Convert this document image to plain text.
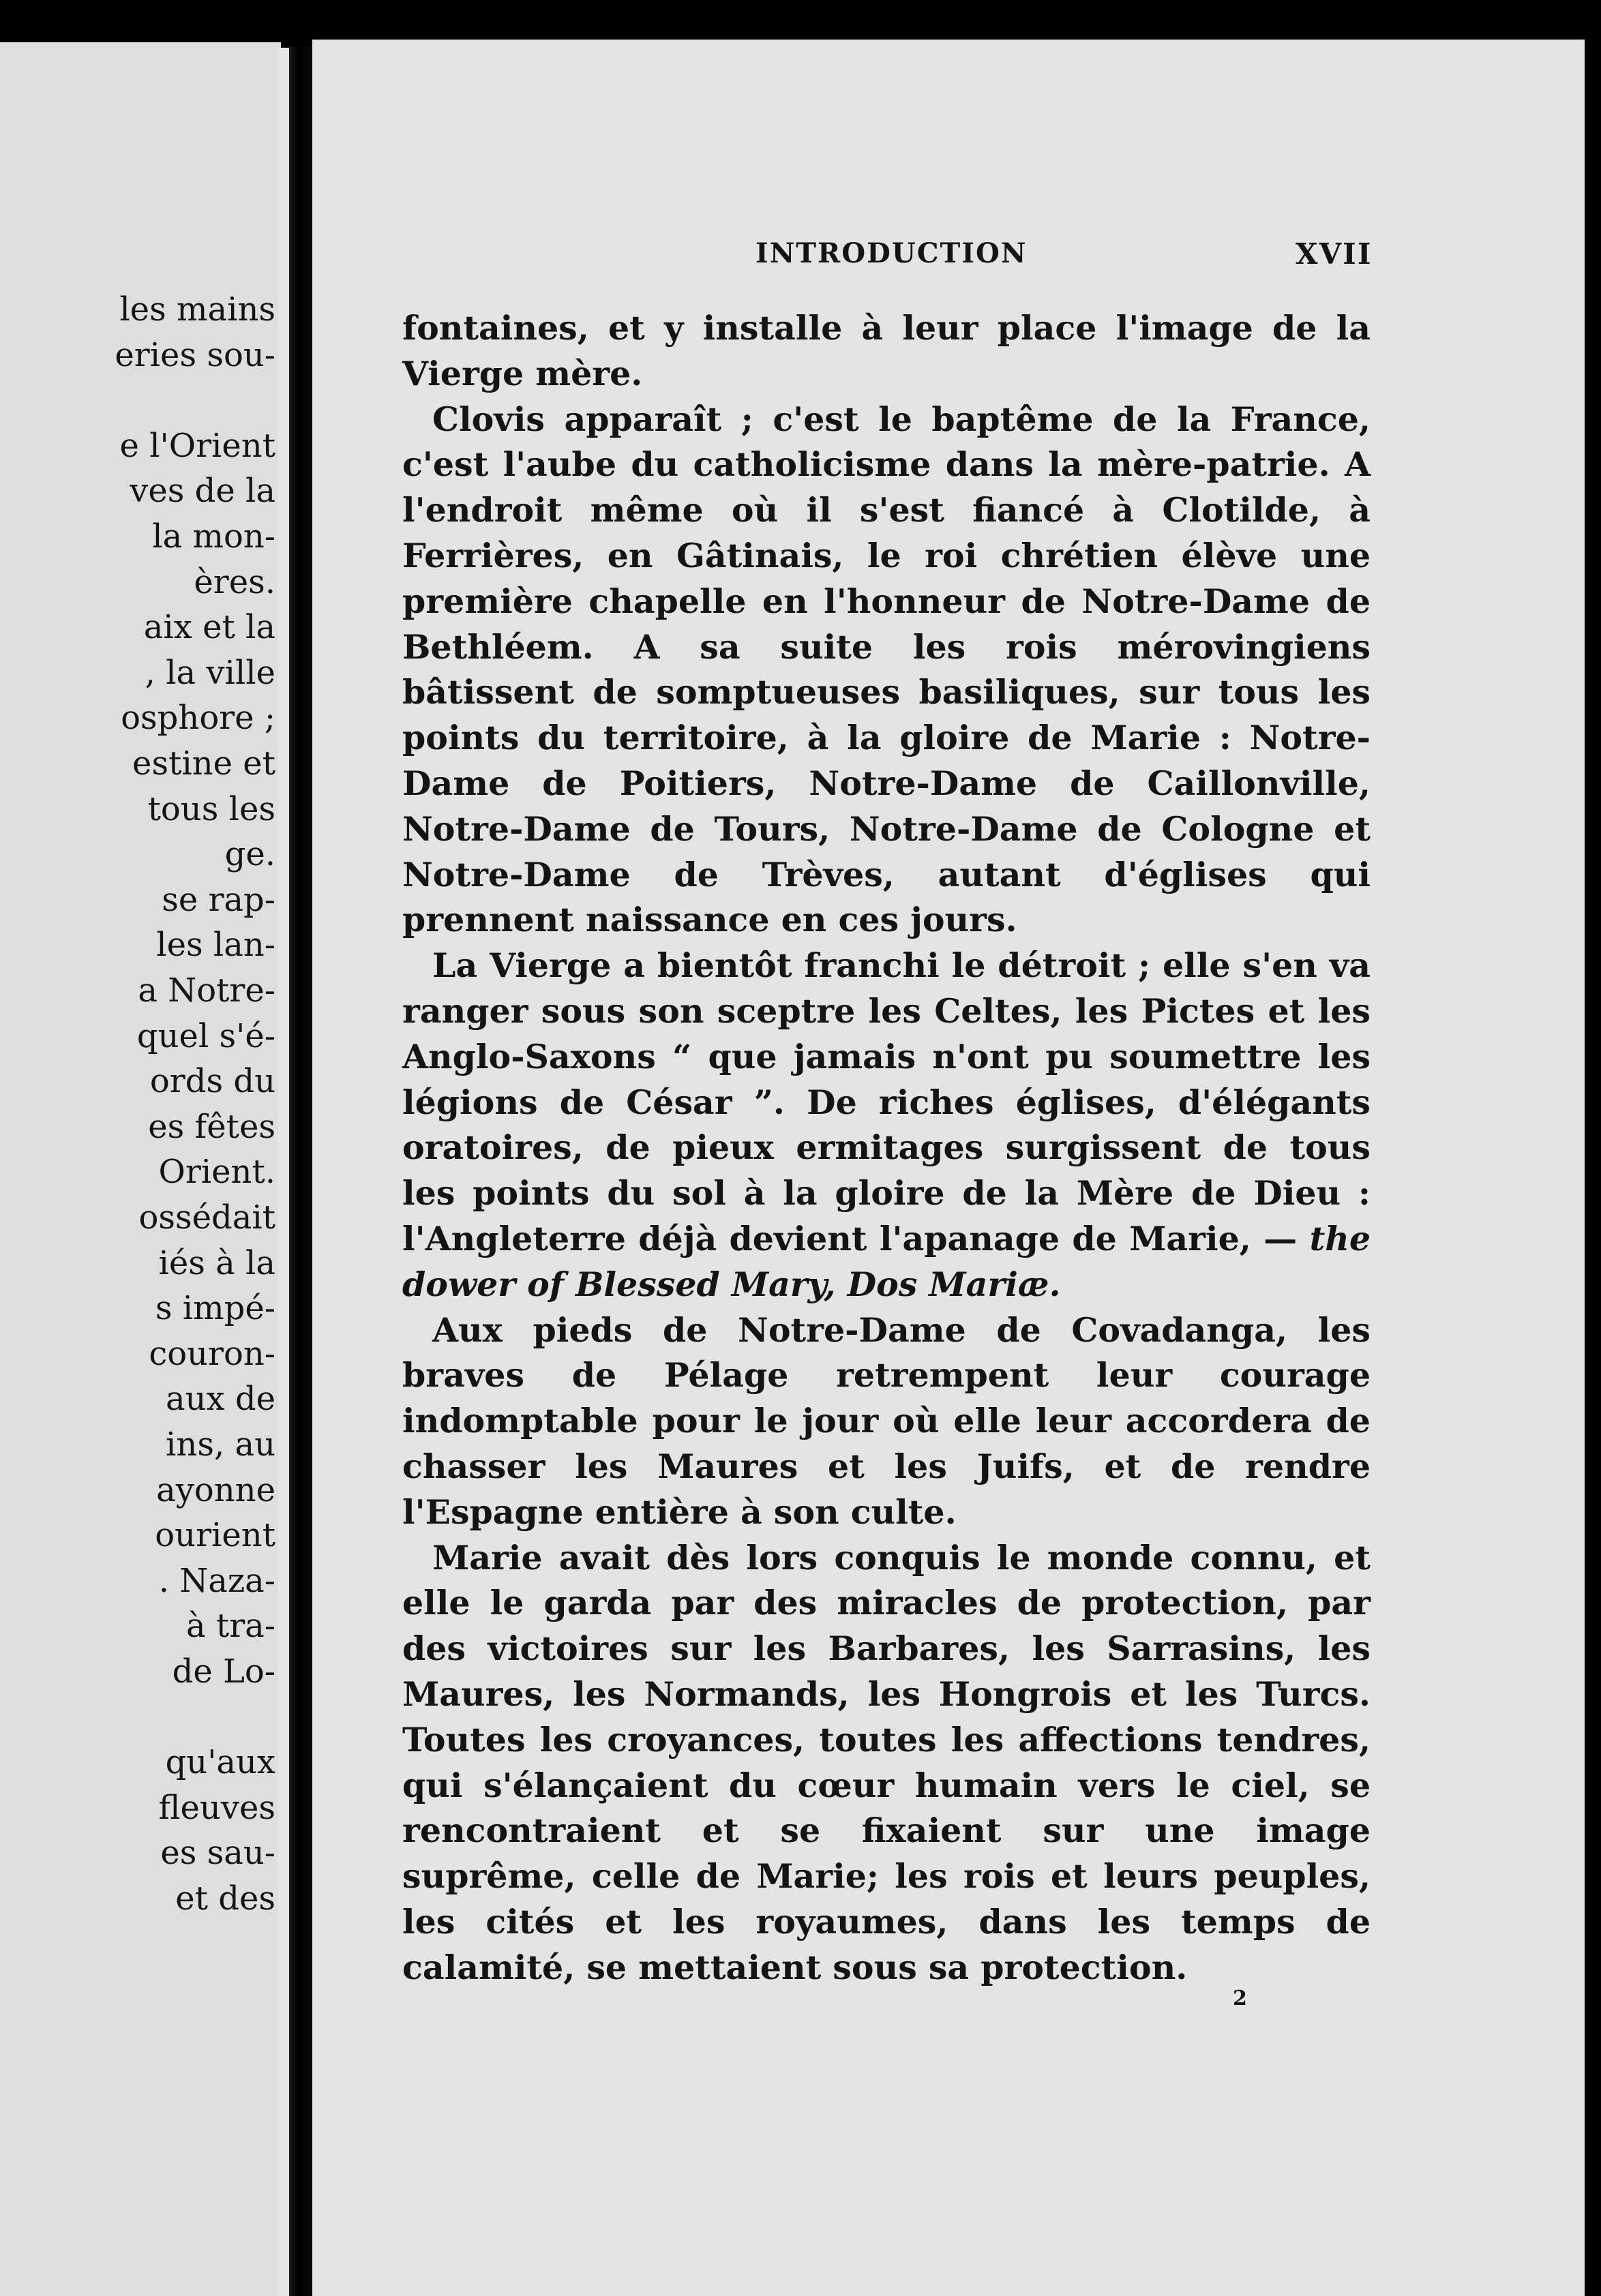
les mains
eries sou-
e l'Orient
ves de la
la mon-
ères.
aix et la
, la ville
osphore ;
estine et
tous les
ge.
se rap-
les lan-
a Notre-
quel s'é-
ords du
es fêtes
Orient.
ossédait
iés à la
s impé-
couron-
aux de
ins, au
ayonne
ourient
. Naza-
à tra-
de Lo-
qu'aux
fleuves
es sau-
et des
INTRODUCTION	XVII

fontaines, et y installe à leur place l'image de la Vierge mère.

Clovis apparaît ; c'est le baptême de la France, c'est l'aube du catholicisme dans la mère-patrie. A l'endroit même où il s'est fiancé à Clotilde, à Ferrières, en Gâtinais, le roi chrétien élève une première chapelle en l'honneur de Notre-Dame de Bethléem. A sa suite les rois mérovingiens bâtissent de somptueuses basiliques, sur tous les points du territoire, à la gloire de Marie : Notre-Dame de Poitiers, Notre-Dame de Caillonville, Notre-Dame de Tours, Notre-Dame de Cologne et Notre-Dame de Trèves, autant d'églises qui prennent naissance en ces jours.

La Vierge a bientôt franchi le détroit ; elle s'en va ranger sous son sceptre les Celtes, les Pictes et les Anglo-Saxons “ que jamais n'ont pu soumettre les légions de César ”. De riches églises, d'élégants oratoires, de pieux ermitages surgissent de tous les points du sol à la gloire de la Mère de Dieu : l'Angleterre déjà devient l'apanage de Marie, — the dower of Blessed Mary, Dos Mariæ.

Aux pieds de Notre-Dame de Covadanga, les braves de Pélage retrempent leur courage indomptable pour le jour où elle leur accordera de chasser les Maures et les Juifs, et de rendre l'Espagne entière à son culte.

Marie avait dès lors conquis le monde connu, et elle le garda par des miracles de protection, par des victoires sur les Barbares, les Sarrasins, les Maures, les Normands, les Hongrois et les Turcs. Toutes les croyances, toutes les affections tendres, qui s'élançaient du cœur humain vers le ciel, se rencontraient et se fixaient sur une image suprême, celle de Marie; les rois et leurs peuples, les cités et les royaumes, dans les temps de calamité, se mettaient sous sa protection.

2
